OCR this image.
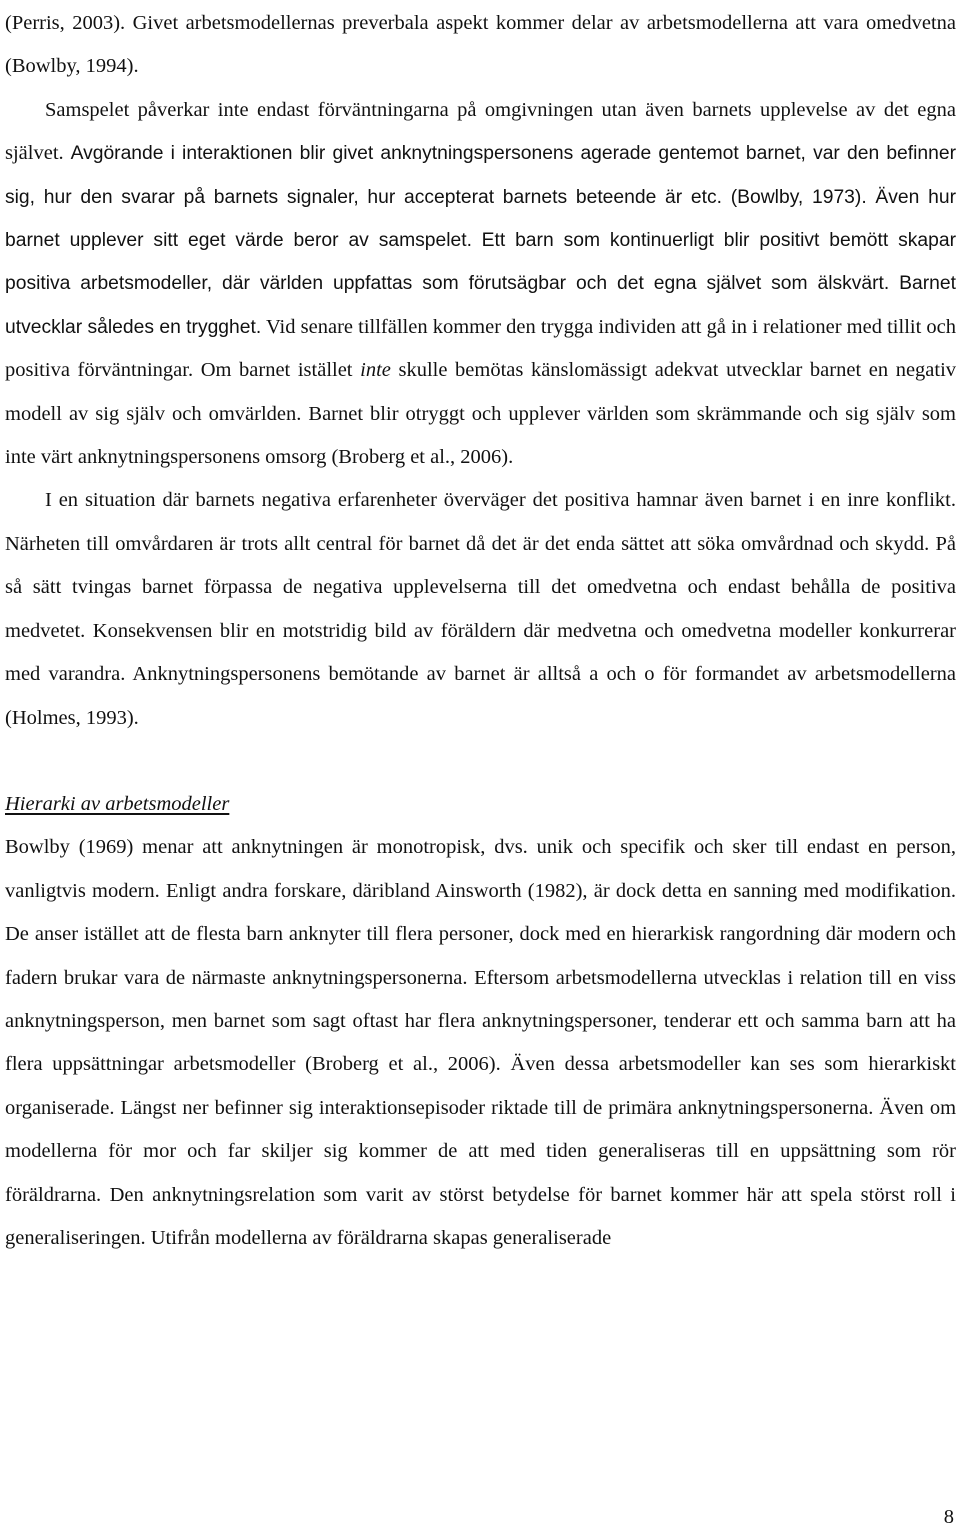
(Perris, 2003). Givet arbetsmodellernas preverbala aspekt kommer delar av arbetsmodellerna att vara omedvetna (Bowlby, 1994).

Samspelet påverkar inte endast förväntningarna på omgivningen utan även barnets upplevelse av det egna självet. Avgörande i interaktionen blir givet anknytningspersonens agerade gentemot barnet, var den befinner sig, hur den svarar på barnets signaler, hur accepterat barnets beteende är etc. (Bowlby, 1973). Även hur barnet upplever sitt eget värde beror av samspelet. Ett barn som kontinuerligt blir positivt bemött skapar positiva arbetsmodeller, där världen uppfattas som förutsägbar och det egna självet som älskvärt. Barnet utvecklar således en trygghet. Vid senare tillfällen kommer den trygga individen att gå in i relationer med tillit och positiva förväntningar. Om barnet istället inte skulle bemötas känslomässigt adekvat utvecklar barnet en negativ modell av sig själv och omvärlden. Barnet blir otryggt och upplever världen som skrämmande och sig själv som inte värt anknytningspersonens omsorg (Broberg et al., 2006).

I en situation där barnets negativa erfarenheter överväger det positiva hamnar även barnet i en inre konflikt. Närheten till omvårdaren är trots allt central för barnet då det är det enda sättet att söka omvårdnad och skydd. På så sätt tvingas barnet förpassa de negativa upplevelserna till det omedvetna och endast behålla de positiva medvetet. Konsekvensen blir en motstridig bild av föräldern där medvetna och omedvetna modeller konkurrerar med varandra. Anknytningspersonens bemötande av barnet är alltså a och o för formandet av arbetsmodellerna (Holmes, 1993).

Hierarki av arbetsmodeller

Bowlby (1969) menar att anknytningen är monotropisk, dvs. unik och specifik och sker till endast en person, vanligtvis modern. Enligt andra forskare, däribland Ainsworth (1982), är dock detta en sanning med modifikation. De anser istället att de flesta barn anknyter till flera personer, dock med en hierarkisk rangordning där modern och fadern brukar vara de närmaste anknytningspersonerna. Eftersom arbetsmodellerna utvecklas i relation till en viss anknytningsperson, men barnet som sagt oftast har flera anknytningspersoner, tenderar ett och samma barn att ha flera uppsättningar arbetsmodeller (Broberg et al., 2006). Även dessa arbetsmodeller kan ses som hierarkiskt organiserade. Längst ner befinner sig interaktionsepisoder riktade till de primära anknytningspersonerna. Även om modellerna för mor och far skiljer sig kommer de att med tiden generaliseras till en uppsättning som rör föräldrarna. Den anknytningsrelation som varit av störst betydelse för barnet kommer här att spela störst roll i generaliseringen. Utifrån modellerna av föräldrarna skapas generaliserade

8
